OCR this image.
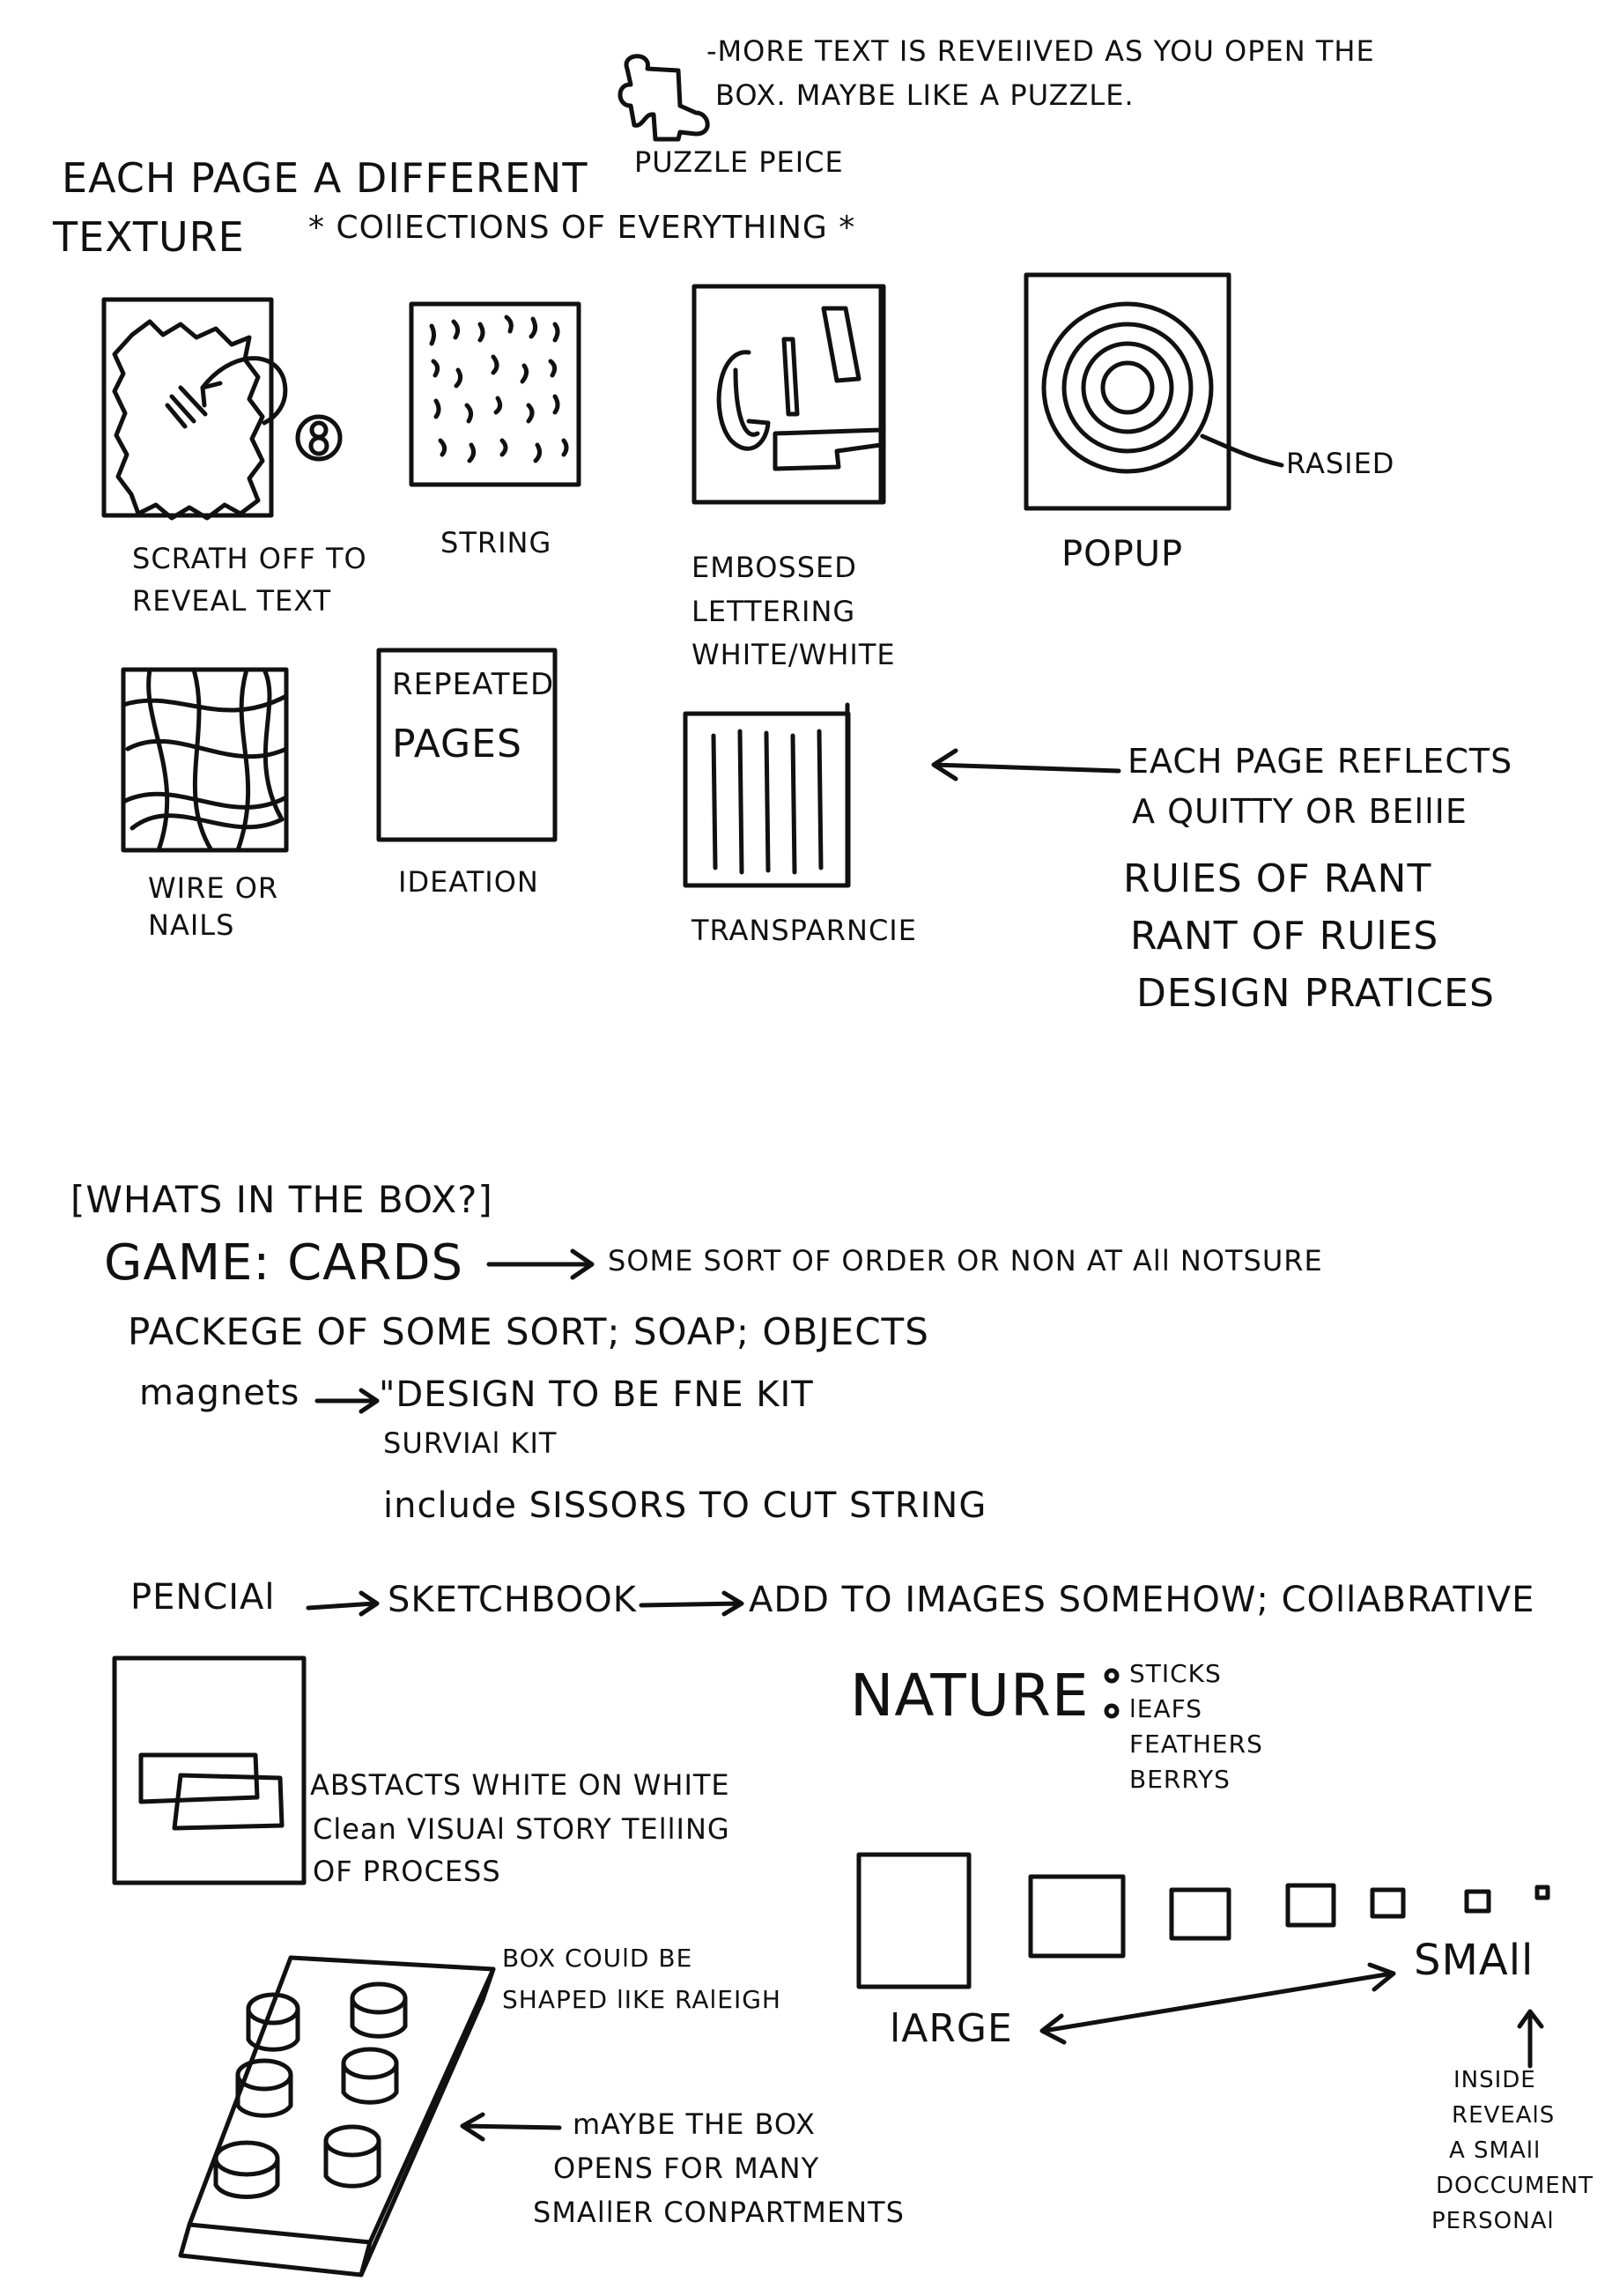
-MORE TEXT IS REVEIIVED AS YOU OPEN THE
BOX. MAYBE LIKE A PUZZLE.
PUZZLE PEICE
EACH PAGE A DIFFERENT
TEXTURE * COllECTIONS OF EVERYTHING *
SCRATH OFF TO REVEAL TEXT
STRING
EMBOSSED LETTERING WHITE/WHITE
POPUP
RASIED
WIRE OR NAILS
IDEATION
REPEATED
PAGES
TRANSPARNCIE
EACH PAGE REFLECTS
A QUITTY OR BEllIE
RUlES OF RANT
RANT OF RUlES
DESIGN PRATICES
[WHATS IN THE BOX?]
GAME: CARDS	SOME SORT OF ORDER OR NON AT All NOTSURE
PACKEGE OF SOME SORT; SOAP; OBJECTS
magnets "DESIGN TO BE FNE KIT
SURVIAl KIT
include SISSORS TO CUT STRING
PENCIAl	SKETCHBOOK	ADD TO IMAGES SOMEHOW; COllABRATIVE
NATURE STICKS
lEAFS
FEATHERS
BERRYS
ABSTACTS WHITE ON WHITE
Clean VISUAl STORY TEllING
OF PROCESS
BOX COUlD BE
SHAPED lIKE RAlEIGH
mAYBE THE BOX
OPENS FOR MANY
SMAllER CONPARTMENTS
lARGE
SMAll
INSIDE
REVEAlS
A SMAll
DOCCUMENT
PERSONAl
